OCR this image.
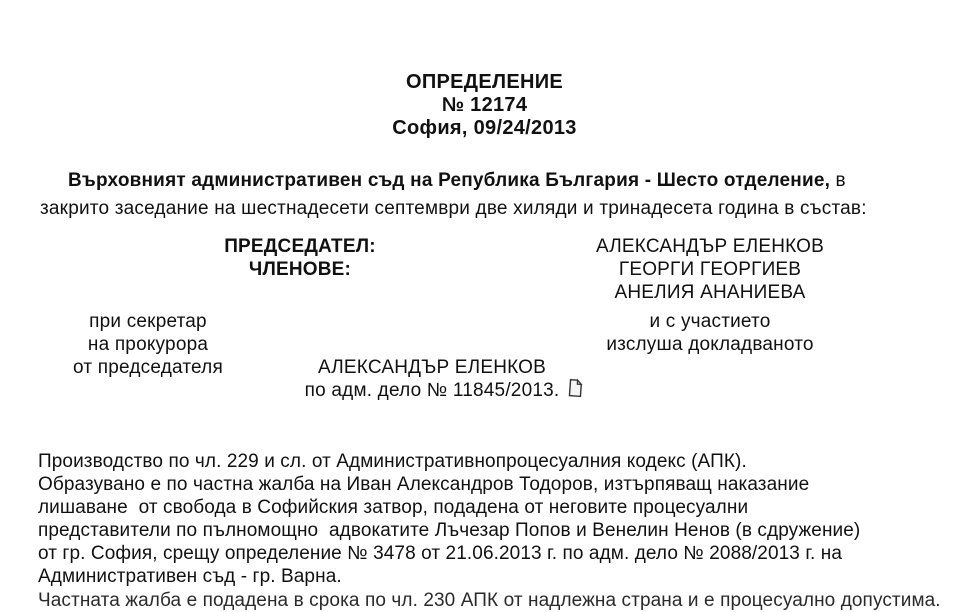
ОПРЕДЕЛЕНИЕ
№ 12174
София, 09/24/2013
Върховният административен съд на Република България - Шесто отделение, в
закрито заседание на шестнадесети септември две хиляди и тринадесета година в състав:
ПРЕДСЕДАТЕЛ:	АЛЕКСАНДЪР ЕЛЕНКОВ
ЧЛЕНОВЕ:	ГЕОРГИ ГЕОРГИЕВ
АНЕЛИЯ АНАНИЕВА
при секретар	и с участието
на прокурора	изслуша докладваното
от председателя	АЛЕКСАНДЪР ЕЛЕНКОВ
по адм. дело № 11845/2013.
Производство по чл. 229 и сл. от Административнопроцесуалния кодекс (АПК).
Образувано е по частна жалба на Иван Александров Тодоров, изтърпяващ наказание
лишаване  от свобода в Софийския затвор, подадена от неговите процесуални
представители по пълномощно  адвокатите Лъчезар Попов и Венелин Ненов (в сдружение)
от гр. София, срещу определение № 3478 от 21.06.2013 г. по адм. дело № 2088/2013 г. на
Административен съд - гр. Варна.
Частната жалба е подадена в срока по чл. 230 АПК от надлежна страна и е процесуално допустима.
